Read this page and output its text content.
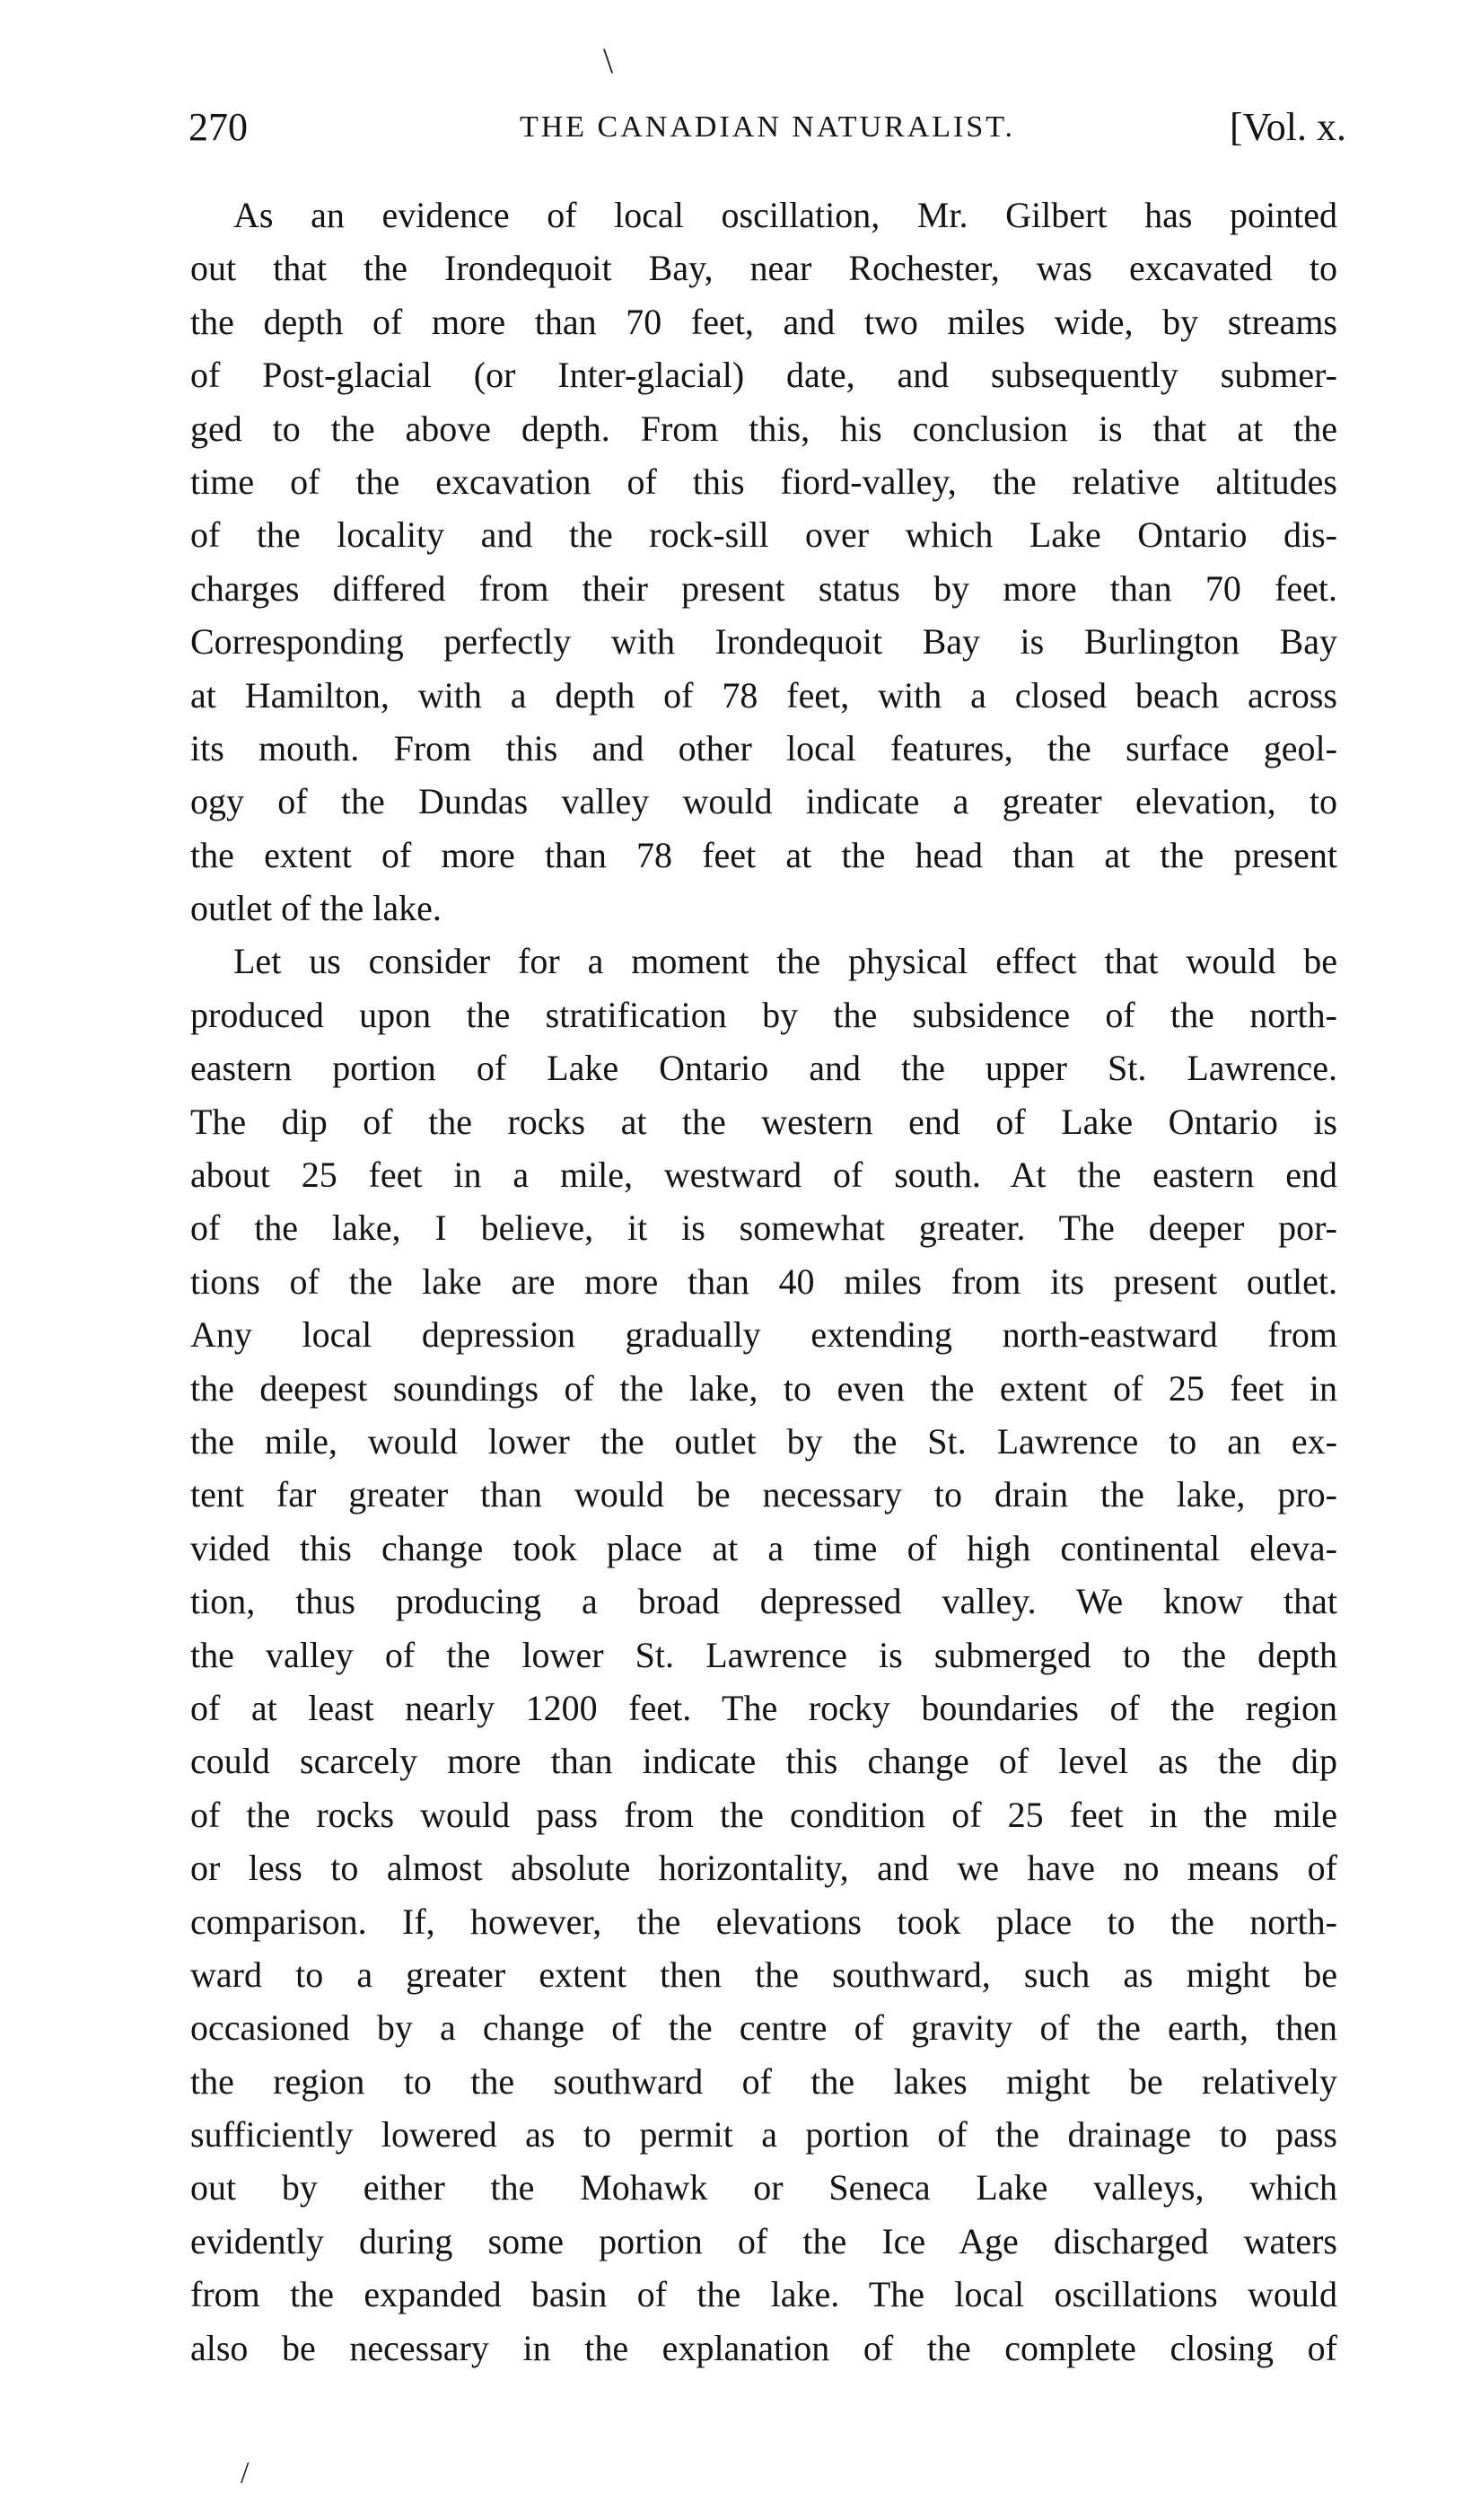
\
270	THE CANADIAN NATURALIST.	[Vol. x.
As an evidence of local oscillation, Mr. Gilbert has pointed
out that the Irondequoit Bay, near Rochester, was excavated to
the depth of more than 70 feet, and two miles wide, by streams
of Post-glacial (or Inter-glacial) date, and subsequently submer-
ged to the above depth. From this, his conclusion is that at the
time of the excavation of this fiord-valley, the relative altitudes
of the locality and the rock-sill over which Lake Ontario dis-
charges differed from their present status by more than 70 feet.
Corresponding perfectly with Irondequoit Bay is Burlington Bay
at Hamilton, with a depth of 78 feet, with a closed beach across
its mouth. From this and other local features, the surface geol-
ogy of the Dundas valley would indicate a greater elevation, to
the extent of more than 78 feet at the head than at the present
outlet of the lake.
Let us consider for a moment the physical effect that would be
produced upon the stratification by the subsidence of the north-
eastern portion of Lake Ontario and the upper St. Lawrence.
The dip of the rocks at the western end of Lake Ontario is
about 25 feet in a mile, westward of south. At the eastern end
of the lake, I believe, it is somewhat greater. The deeper por-
tions of the lake are more than 40 miles from its present outlet.
Any local depression gradually extending north-eastward from
the deepest soundings of the lake, to even the extent of 25 feet in
the mile, would lower the outlet by the St. Lawrence to an ex-
tent far greater than would be necessary to drain the lake, pro-
vided this change took place at a time of high continental eleva-
tion, thus producing a broad depressed valley. We know that
the valley of the lower St. Lawrence is submerged to the depth
of at least nearly 1200 feet. The rocky boundaries of the region
could scarcely more than indicate this change of level as the dip
of the rocks would pass from the condition of 25 feet in the mile
or less to almost absolute horizontality, and we have no means of
comparison. If, however, the elevations took place to the north-
ward to a greater extent then the southward, such as might be
occasioned by a change of the centre of gravity of the earth, then
the region to the southward of the lakes might be relatively
sufficiently lowered as to permit a portion of the drainage to pass
out by either the Mohawk or Seneca Lake valleys, which
evidently during some portion of the Ice Age discharged waters
from the expanded basin of the lake. The local oscillations would
also be necessary in the explanation of the complete closing of
/
